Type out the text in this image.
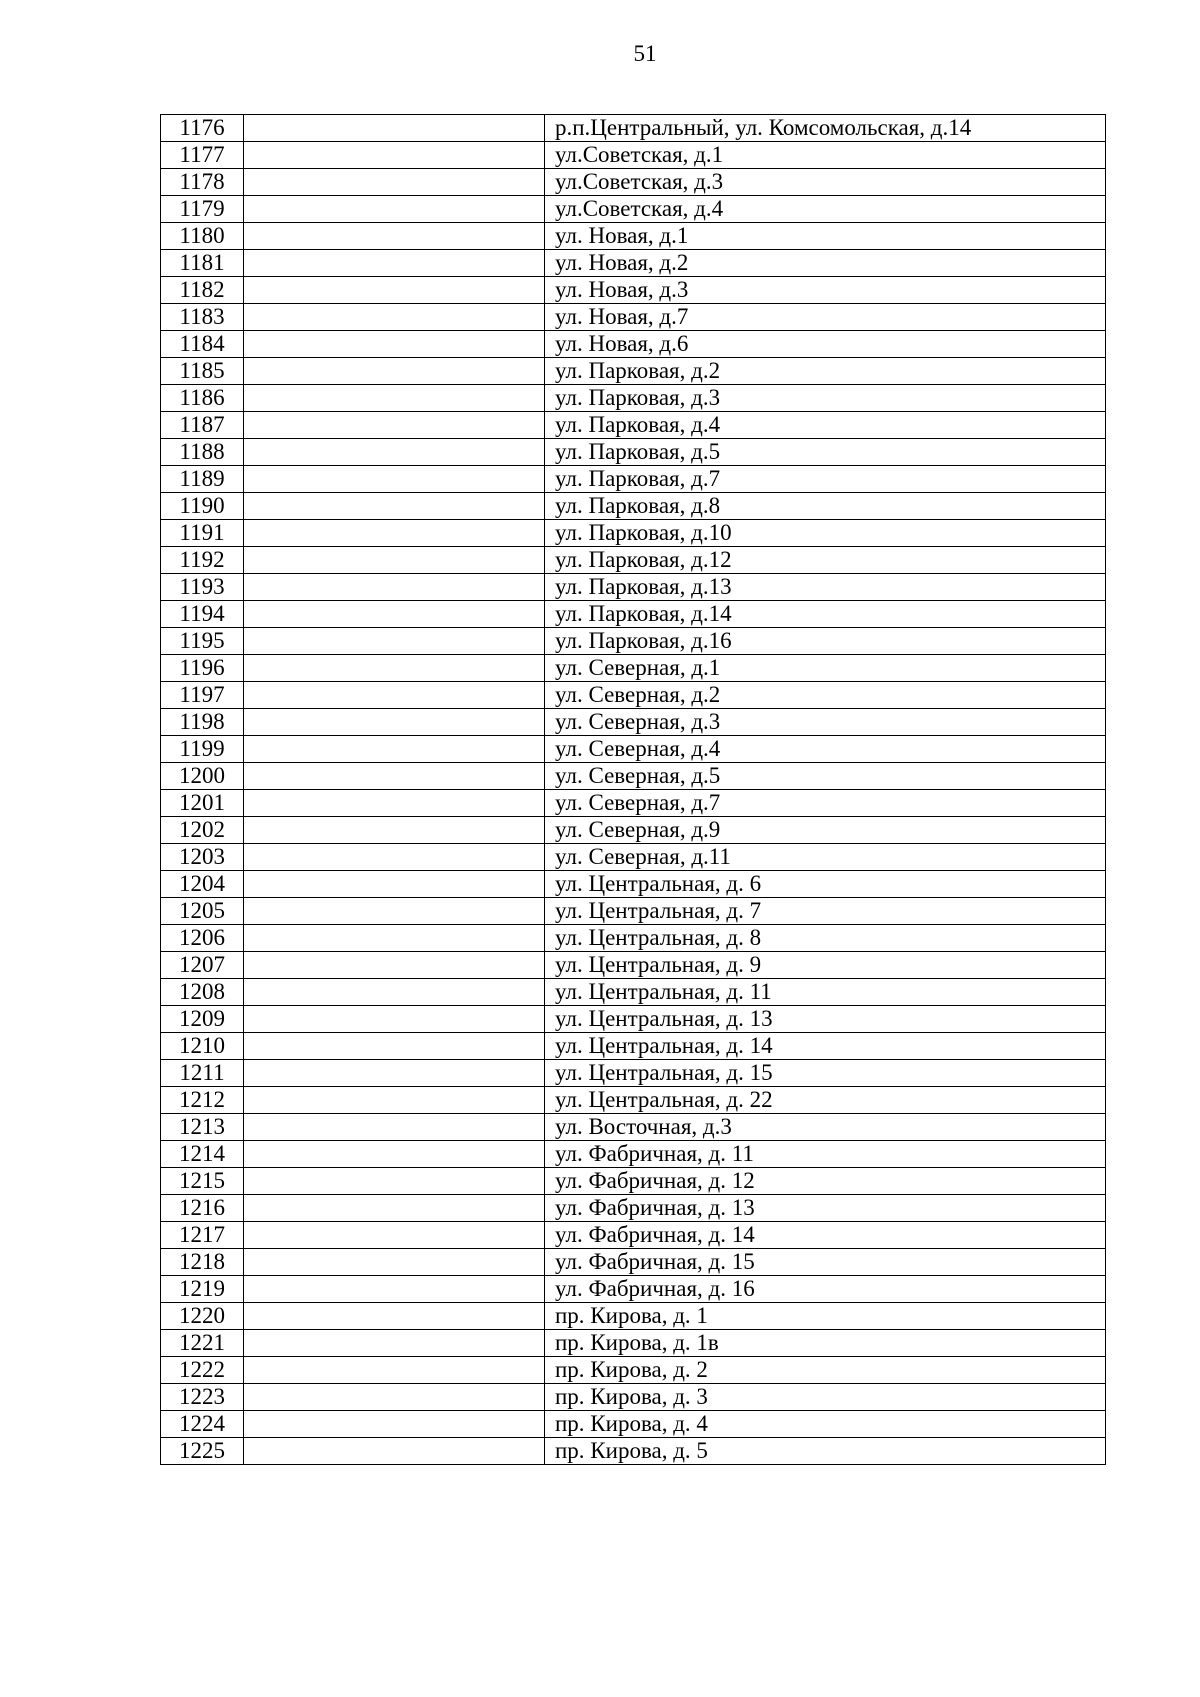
51
1176		р.п.Центральный, ул. Комсомольская, д.14
1177		ул.Советская, д.1
1178		ул.Советская, д.3
1179		ул.Советская, д.4
1180		ул. Новая, д.1
1181		ул. Новая, д.2
1182		ул. Новая, д.3
1183		ул. Новая, д.7
1184		ул. Новая, д.6
1185		ул. Парковая, д.2
1186		ул. Парковая, д.3
1187		ул. Парковая, д.4
1188		ул. Парковая, д.5
1189		ул. Парковая, д.7
1190		ул. Парковая, д.8
1191		ул. Парковая, д.10
1192		ул. Парковая, д.12
1193		ул. Парковая, д.13
1194		ул. Парковая, д.14
1195		ул. Парковая, д.16
1196		ул. Северная, д.1
1197		ул. Северная, д.2
1198		ул. Северная, д.3
1199		ул. Северная, д.4
1200		ул. Северная, д.5
1201		ул. Северная, д.7
1202		ул. Северная, д.9
1203		ул. Северная, д.11
1204		ул. Центральная, д. 6
1205		ул. Центральная, д. 7
1206		ул. Центральная, д. 8
1207		ул. Центральная, д. 9
1208		ул. Центральная, д. 11
1209		ул. Центральная, д. 13
1210		ул. Центральная, д. 14
1211		ул. Центральная, д. 15
1212		ул. Центральная, д. 22
1213		ул. Восточная, д.3
1214		ул. Фабричная, д. 11
1215		ул. Фабричная, д. 12
1216		ул. Фабричная, д. 13
1217		ул. Фабричная, д. 14
1218		ул. Фабричная, д. 15
1219		ул. Фабричная, д. 16
1220		пр. Кирова, д. 1
1221		пр. Кирова, д. 1в
1222		пр. Кирова, д. 2
1223		пр. Кирова, д. 3
1224		пр. Кирова, д. 4
1225		пр. Кирова, д. 5
